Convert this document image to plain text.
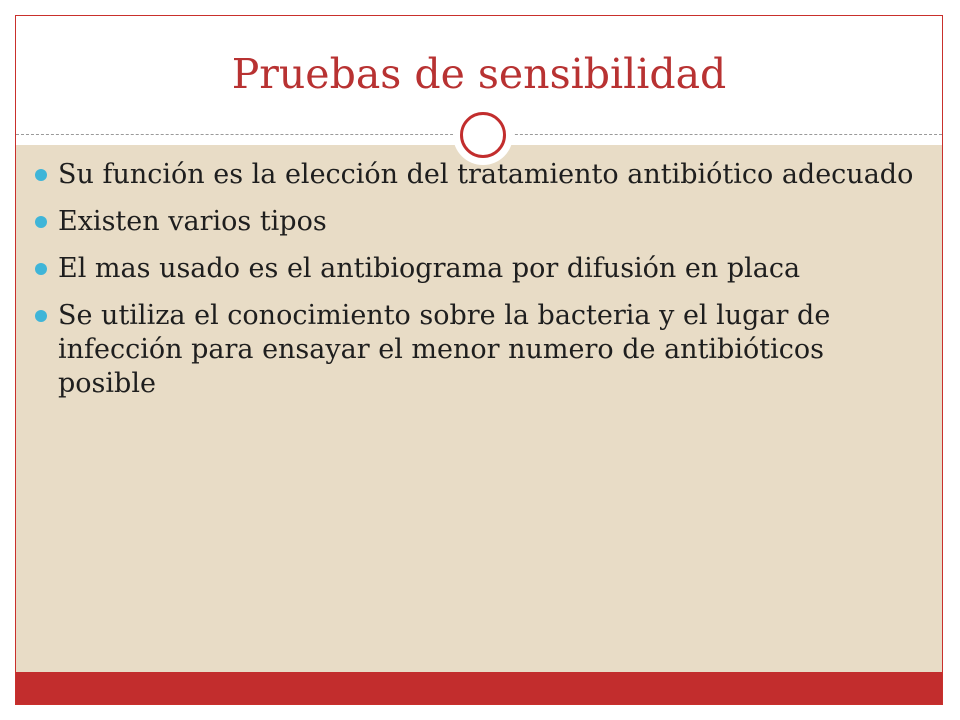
Pruebas de sensibilidad
Su función es la elección del tratamiento antibiótico adecuado
Existen varios tipos
El mas usado es el antibiograma por difusión en placa
Se utiliza el conocimiento sobre la bacteria y el lugar de infección para ensayar el menor numero de antibióticos posible
